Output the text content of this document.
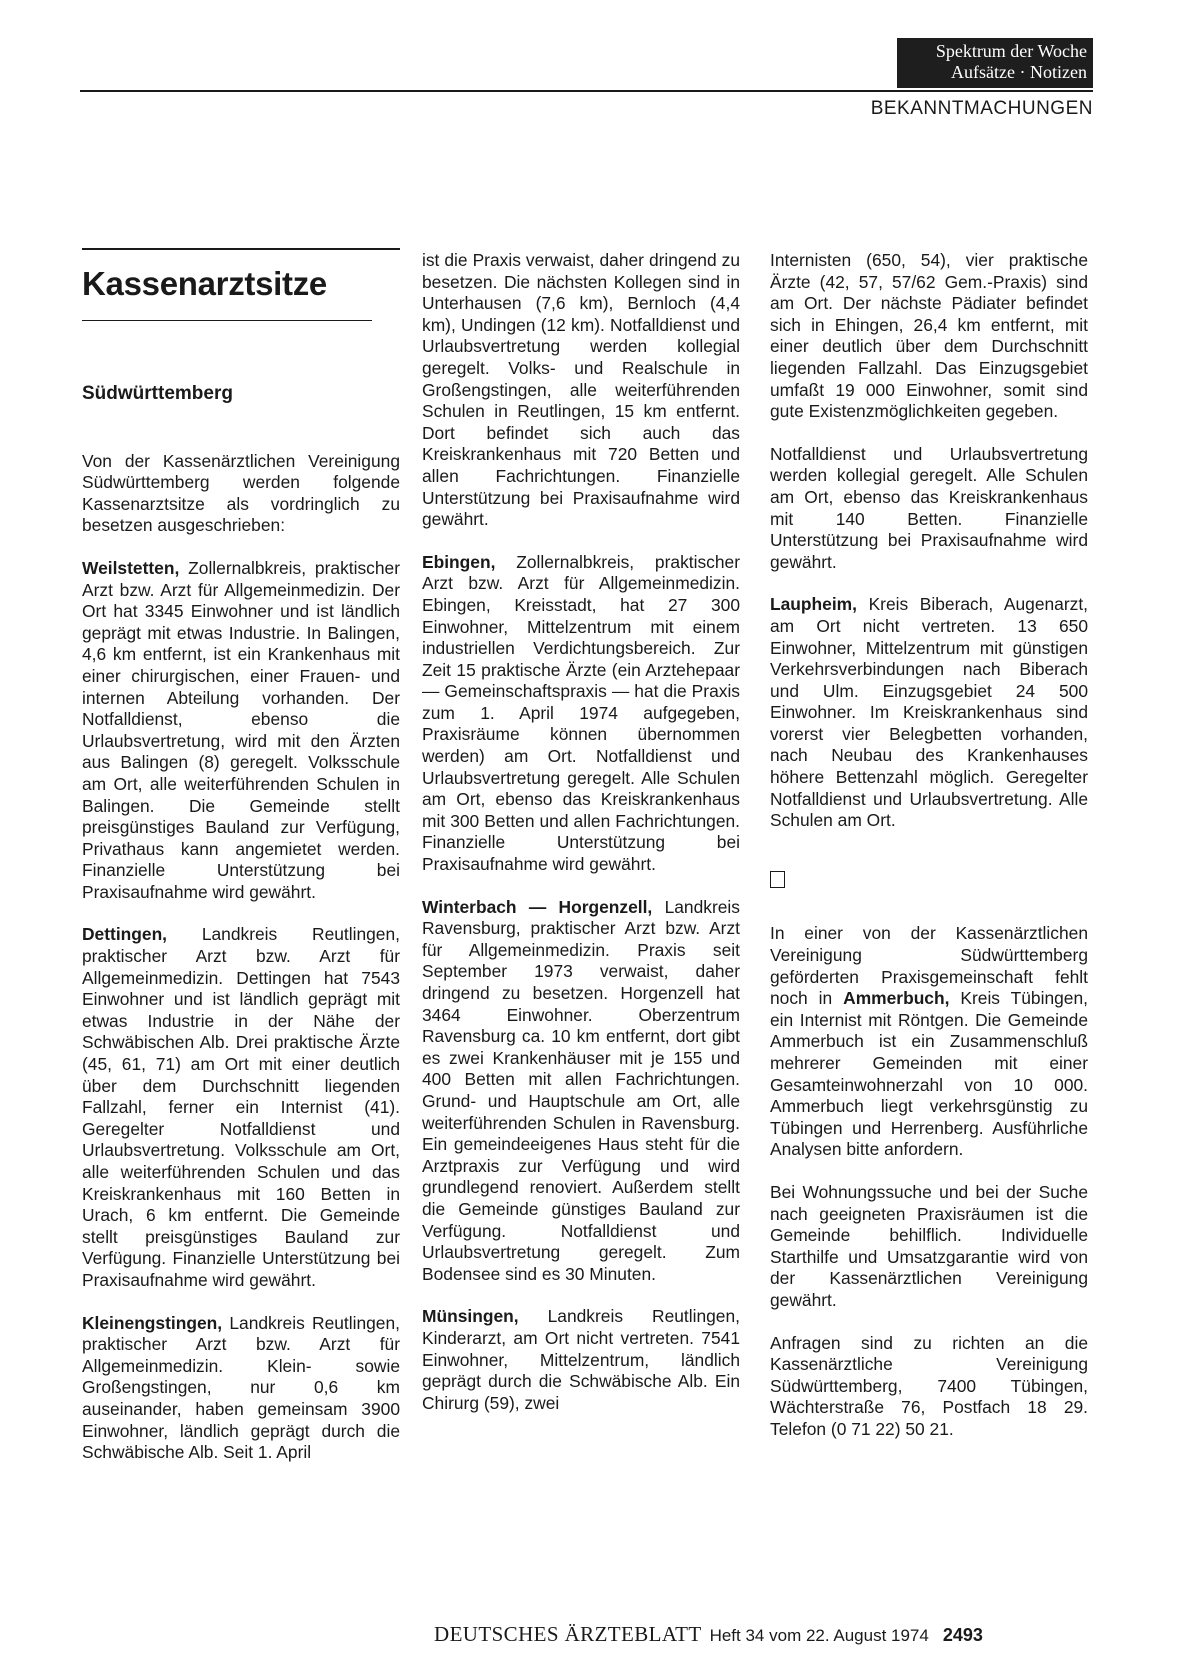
Spektrum der Woche
Aufsätze · Notizen
BEKANNTMACHUNGEN
Kassenarztsitze
Südwürttemberg

Von der Kassenärztlichen Vereinigung Südwürttemberg werden folgende Kassenarztsitze als vordringlich zu besetzen ausgeschrieben:

Weilstetten, Zollernalbkreis, praktischer Arzt bzw. Arzt für Allgemeinmedizin. Der Ort hat 3345 Einwohner und ist ländlich geprägt mit etwas Industrie. In Balingen, 4,6 km entfernt, ist ein Krankenhaus mit einer chirurgischen, einer Frauen- und internen Abteilung vorhanden. Der Notfalldienst, ebenso die Urlaubsvertretung, wird mit den Ärzten aus Balingen (8) geregelt. Volksschule am Ort, alle weiterführenden Schulen in Balingen. Die Gemeinde stellt preisgünstiges Bauland zur Verfügung, Privathaus kann angemietet werden. Finanzielle Unterstützung bei Praxisaufnahme wird gewährt.

Dettingen, Landkreis Reutlingen, praktischer Arzt bzw. Arzt für Allgemeinmedizin. Dettingen hat 7543 Einwohner und ist ländlich geprägt mit etwas Industrie in der Nähe der Schwäbischen Alb. Drei praktische Ärzte (45, 61, 71) am Ort mit einer deutlich über dem Durchschnitt liegenden Fallzahl, ferner ein Internist (41). Geregelter Notfalldienst und Urlaubsvertretung. Volksschule am Ort, alle weiterführenden Schulen und das Kreiskrankenhaus mit 160 Betten in Urach, 6 km entfernt. Die Gemeinde stellt preisgünstiges Bauland zur Verfügung. Finanzielle Unterstützung bei Praxisaufnahme wird gewährt.

Kleinengstingen, Landkreis Reutlingen, praktischer Arzt bzw. Arzt für Allgemeinmedizin. Klein- sowie Großengstingen, nur 0,6 km auseinander, haben gemeinsam 3900 Einwohner, ländlich geprägt durch die Schwäbische Alb. Seit 1. April

ist die Praxis verwaist, daher dringend zu besetzen. Die nächsten Kollegen sind in Unterhausen (7,6 km), Bernloch (4,4 km), Undingen (12 km). Notfalldienst und Urlaubsvertretung werden kollegial geregelt. Volks- und Realschule in Großengstingen, alle weiterführenden Schulen in Reutlingen, 15 km entfernt. Dort befindet sich auch das Kreiskrankenhaus mit 720 Betten und allen Fachrichtungen. Finanzielle Unterstützung bei Praxisaufnahme wird gewährt.

Ebingen, Zollernalbkreis, praktischer Arzt bzw. Arzt für Allgemeinmedizin. Ebingen, Kreisstadt, hat 27 300 Einwohner, Mittelzentrum mit einem industriellen Verdichtungsbereich. Zur Zeit 15 praktische Ärzte (ein Arztehepaar — Gemeinschaftspraxis — hat die Praxis zum 1. April 1974 aufgegeben, Praxisräume können übernommen werden) am Ort. Notfalldienst und Urlaubsvertretung geregelt. Alle Schulen am Ort, ebenso das Kreiskrankenhaus mit 300 Betten und allen Fachrichtungen. Finanzielle Unterstützung bei Praxisaufnahme wird gewährt.

Winterbach — Horgenzell, Landkreis Ravensburg, praktischer Arzt bzw. Arzt für Allgemeinmedizin. Praxis seit September 1973 verwaist, daher dringend zu besetzen. Horgenzell hat 3464 Einwohner. Oberzentrum Ravensburg ca. 10 km entfernt, dort gibt es zwei Krankenhäuser mit je 155 und 400 Betten mit allen Fachrichtungen. Grund- und Hauptschule am Ort, alle weiterführenden Schulen in Ravensburg. Ein gemeindeeigenes Haus steht für die Arztpraxis zur Verfügung und wird grundlegend renoviert. Außerdem stellt die Gemeinde günstiges Bauland zur Verfügung. Notfalldienst und Urlaubsvertretung geregelt. Zum Bodensee sind es 30 Minuten.

Münsingen, Landkreis Reutlingen, Kinderarzt, am Ort nicht vertreten. 7541 Einwohner, Mittelzentrum, ländlich geprägt durch die Schwäbische Alb. Ein Chirurg (59), zwei

Internisten (650, 54), vier praktische Ärzte (42, 57, 57/62 Gem.-Praxis) sind am Ort. Der nächste Pädiater befindet sich in Ehingen, 26,4 km entfernt, mit einer deutlich über dem Durchschnitt liegenden Fallzahl. Das Einzugsgebiet umfaßt 19 000 Einwohner, somit sind gute Existenzmöglichkeiten gegeben.

Notfalldienst und Urlaubsvertretung werden kollegial geregelt. Alle Schulen am Ort, ebenso das Kreiskrankenhaus mit 140 Betten. Finanzielle Unterstützung bei Praxisaufnahme wird gewährt.

Laupheim, Kreis Biberach, Augenarzt, am Ort nicht vertreten. 13 650 Einwohner, Mittelzentrum mit günstigen Verkehrsverbindungen nach Biberach und Ulm. Einzugsgebiet 24 500 Einwohner. Im Kreiskrankenhaus sind vorerst vier Belegbetten vorhanden, nach Neubau des Krankenhauses höhere Bettenzahl möglich. Geregelter Notfalldienst und Urlaubsvertretung. Alle Schulen am Ort.

In einer von der Kassenärztlichen Vereinigung Südwürttemberg geförderten Praxisgemeinschaft fehlt noch in Ammerbuch, Kreis Tübingen, ein Internist mit Röntgen. Die Gemeinde Ammerbuch ist ein Zusammenschluß mehrerer Gemeinden mit einer Gesamteinwohnerzahl von 10 000. Ammerbuch liegt verkehrsgünstig zu Tübingen und Herrenberg. Ausführliche Analysen bitte anfordern.

Bei Wohnungssuche und bei der Suche nach geeigneten Praxisräumen ist die Gemeinde behilflich. Individuelle Starthilfe und Umsatzgarantie wird von der Kassenärztlichen Vereinigung gewährt.

Anfragen sind zu richten an die Kassenärztliche Vereinigung Südwürttemberg, 7400 Tübingen, Wächterstraße 76, Postfach 18 29. Telefon (0 71 22) 50 21.

DEUTSCHES ÄRZTEBLATT Heft 34 vom 22. August 1974 2493
